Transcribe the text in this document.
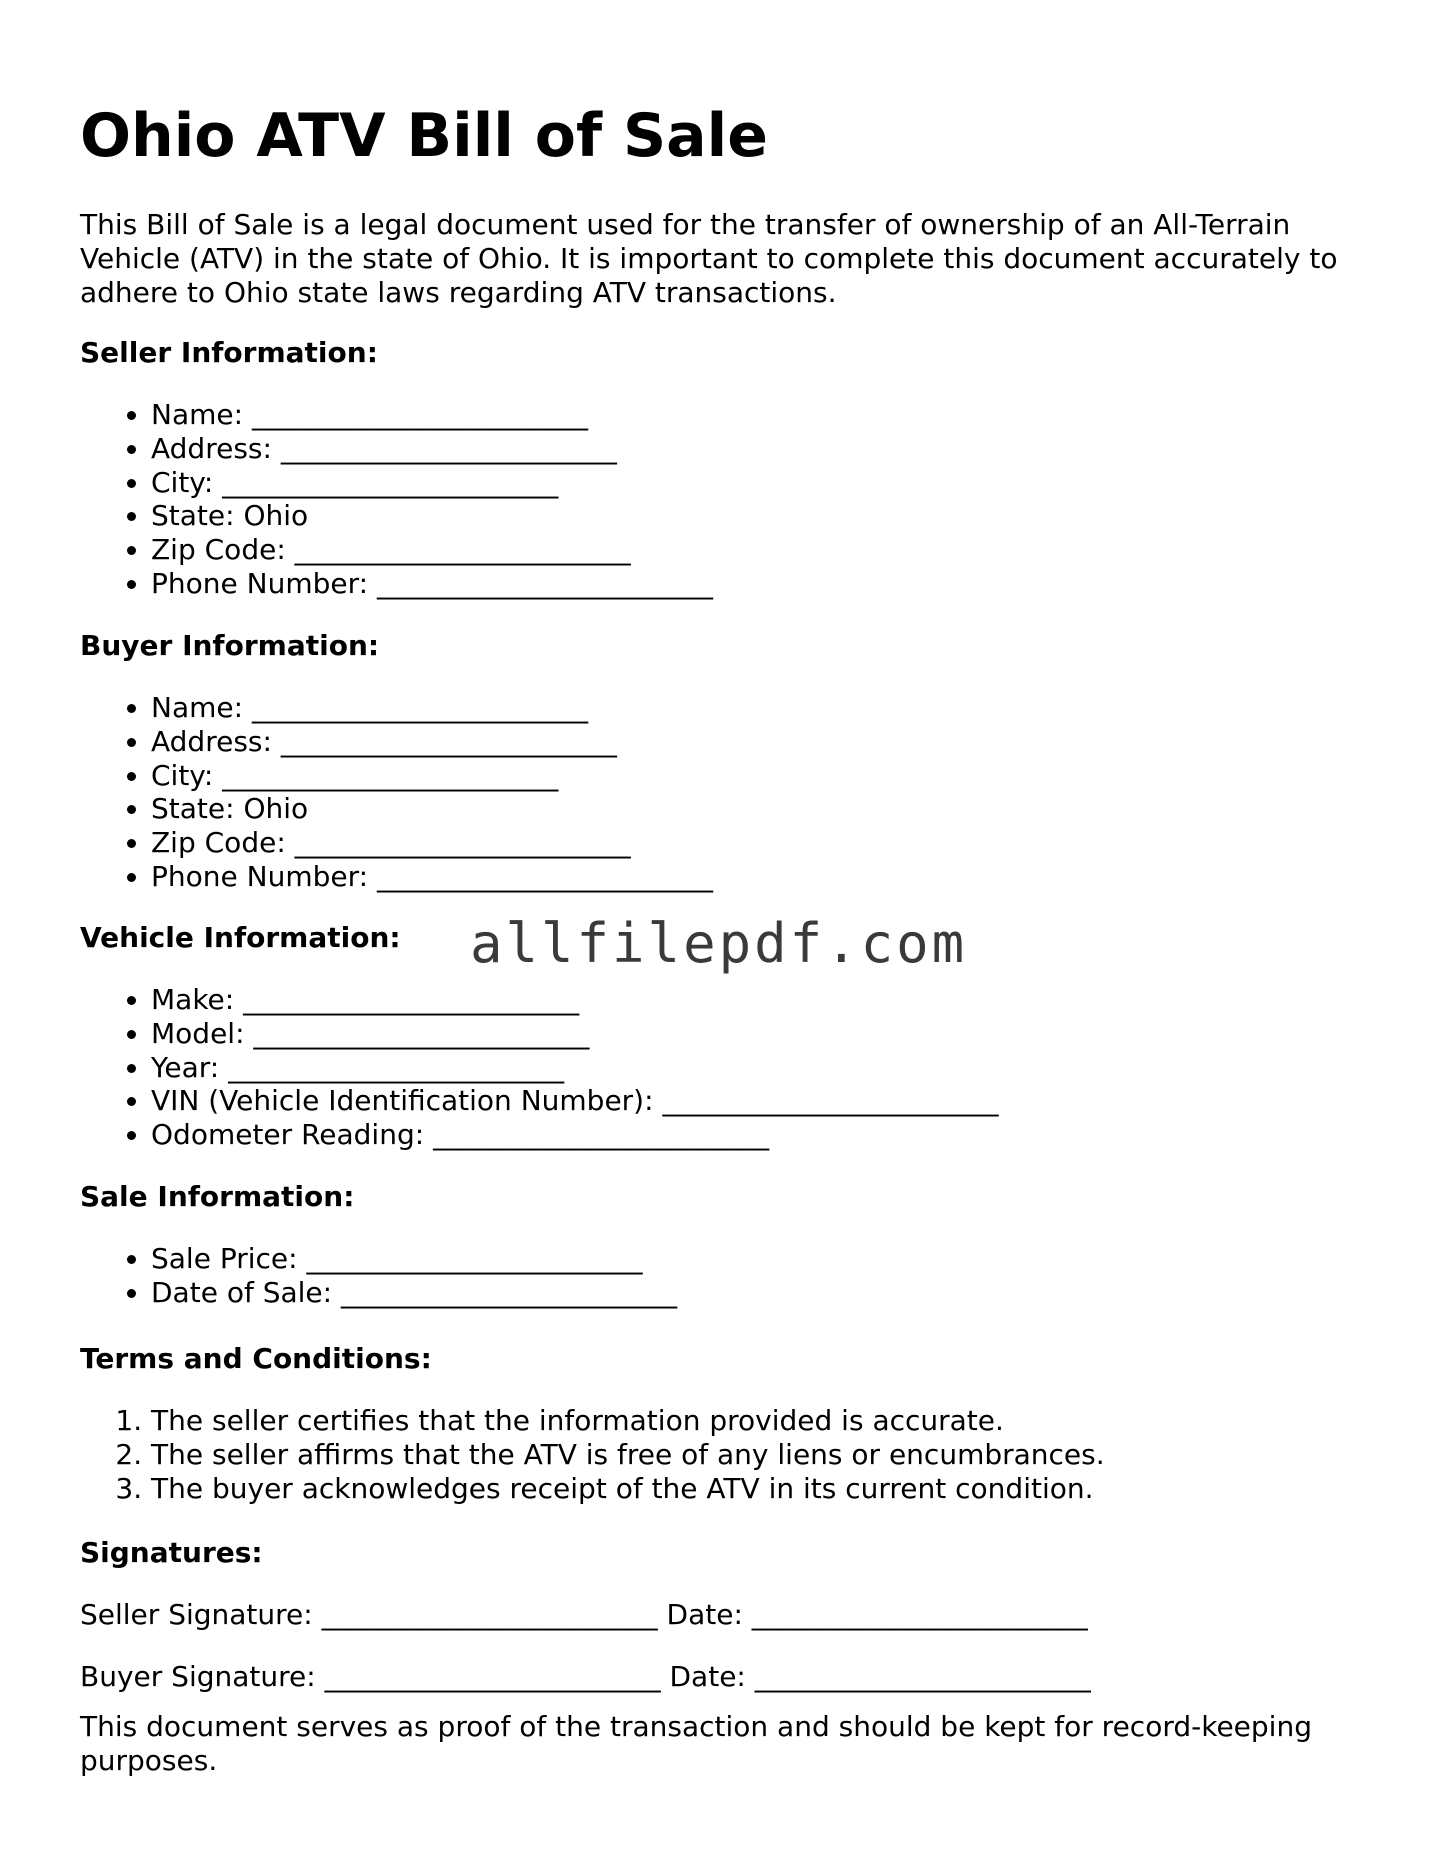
Ohio ATV Bill of Sale

This Bill of Sale is a legal document used for the transfer of ownership of an All-Terrain Vehicle (ATV) in the state of Ohio. It is important to complete this document accurately to adhere to Ohio state laws regarding ATV transactions.

Seller Information:
• Name: ________________________
• Address: ________________________
• City: ________________________
• State: Ohio
• Zip Code: ________________________
• Phone Number: ________________________
Buyer Information:
• Name: ________________________
• Address: ________________________
• City: ________________________
• State: Ohio
• Zip Code: ________________________
• Phone Number: ________________________
Vehicle Information:
• Make: ________________________
• Model: ________________________
• Year: ________________________
• VIN (Vehicle Identification Number): ________________________
• Odometer Reading: ________________________
Sale Information:
• Sale Price: ________________________
• Date of Sale: ________________________
Terms and Conditions:
1. The seller certifies that the information provided is accurate.
2. The seller affirms that the ATV is free of any liens or encumbrances.
3. The buyer acknowledges receipt of the ATV in its current condition.
Signatures:

Seller Signature: ________________________ Date: ________________________

Buyer Signature: ________________________ Date: ________________________

This document serves as proof of the transaction and should be kept for record-keeping purposes.

allfilepdf.com
